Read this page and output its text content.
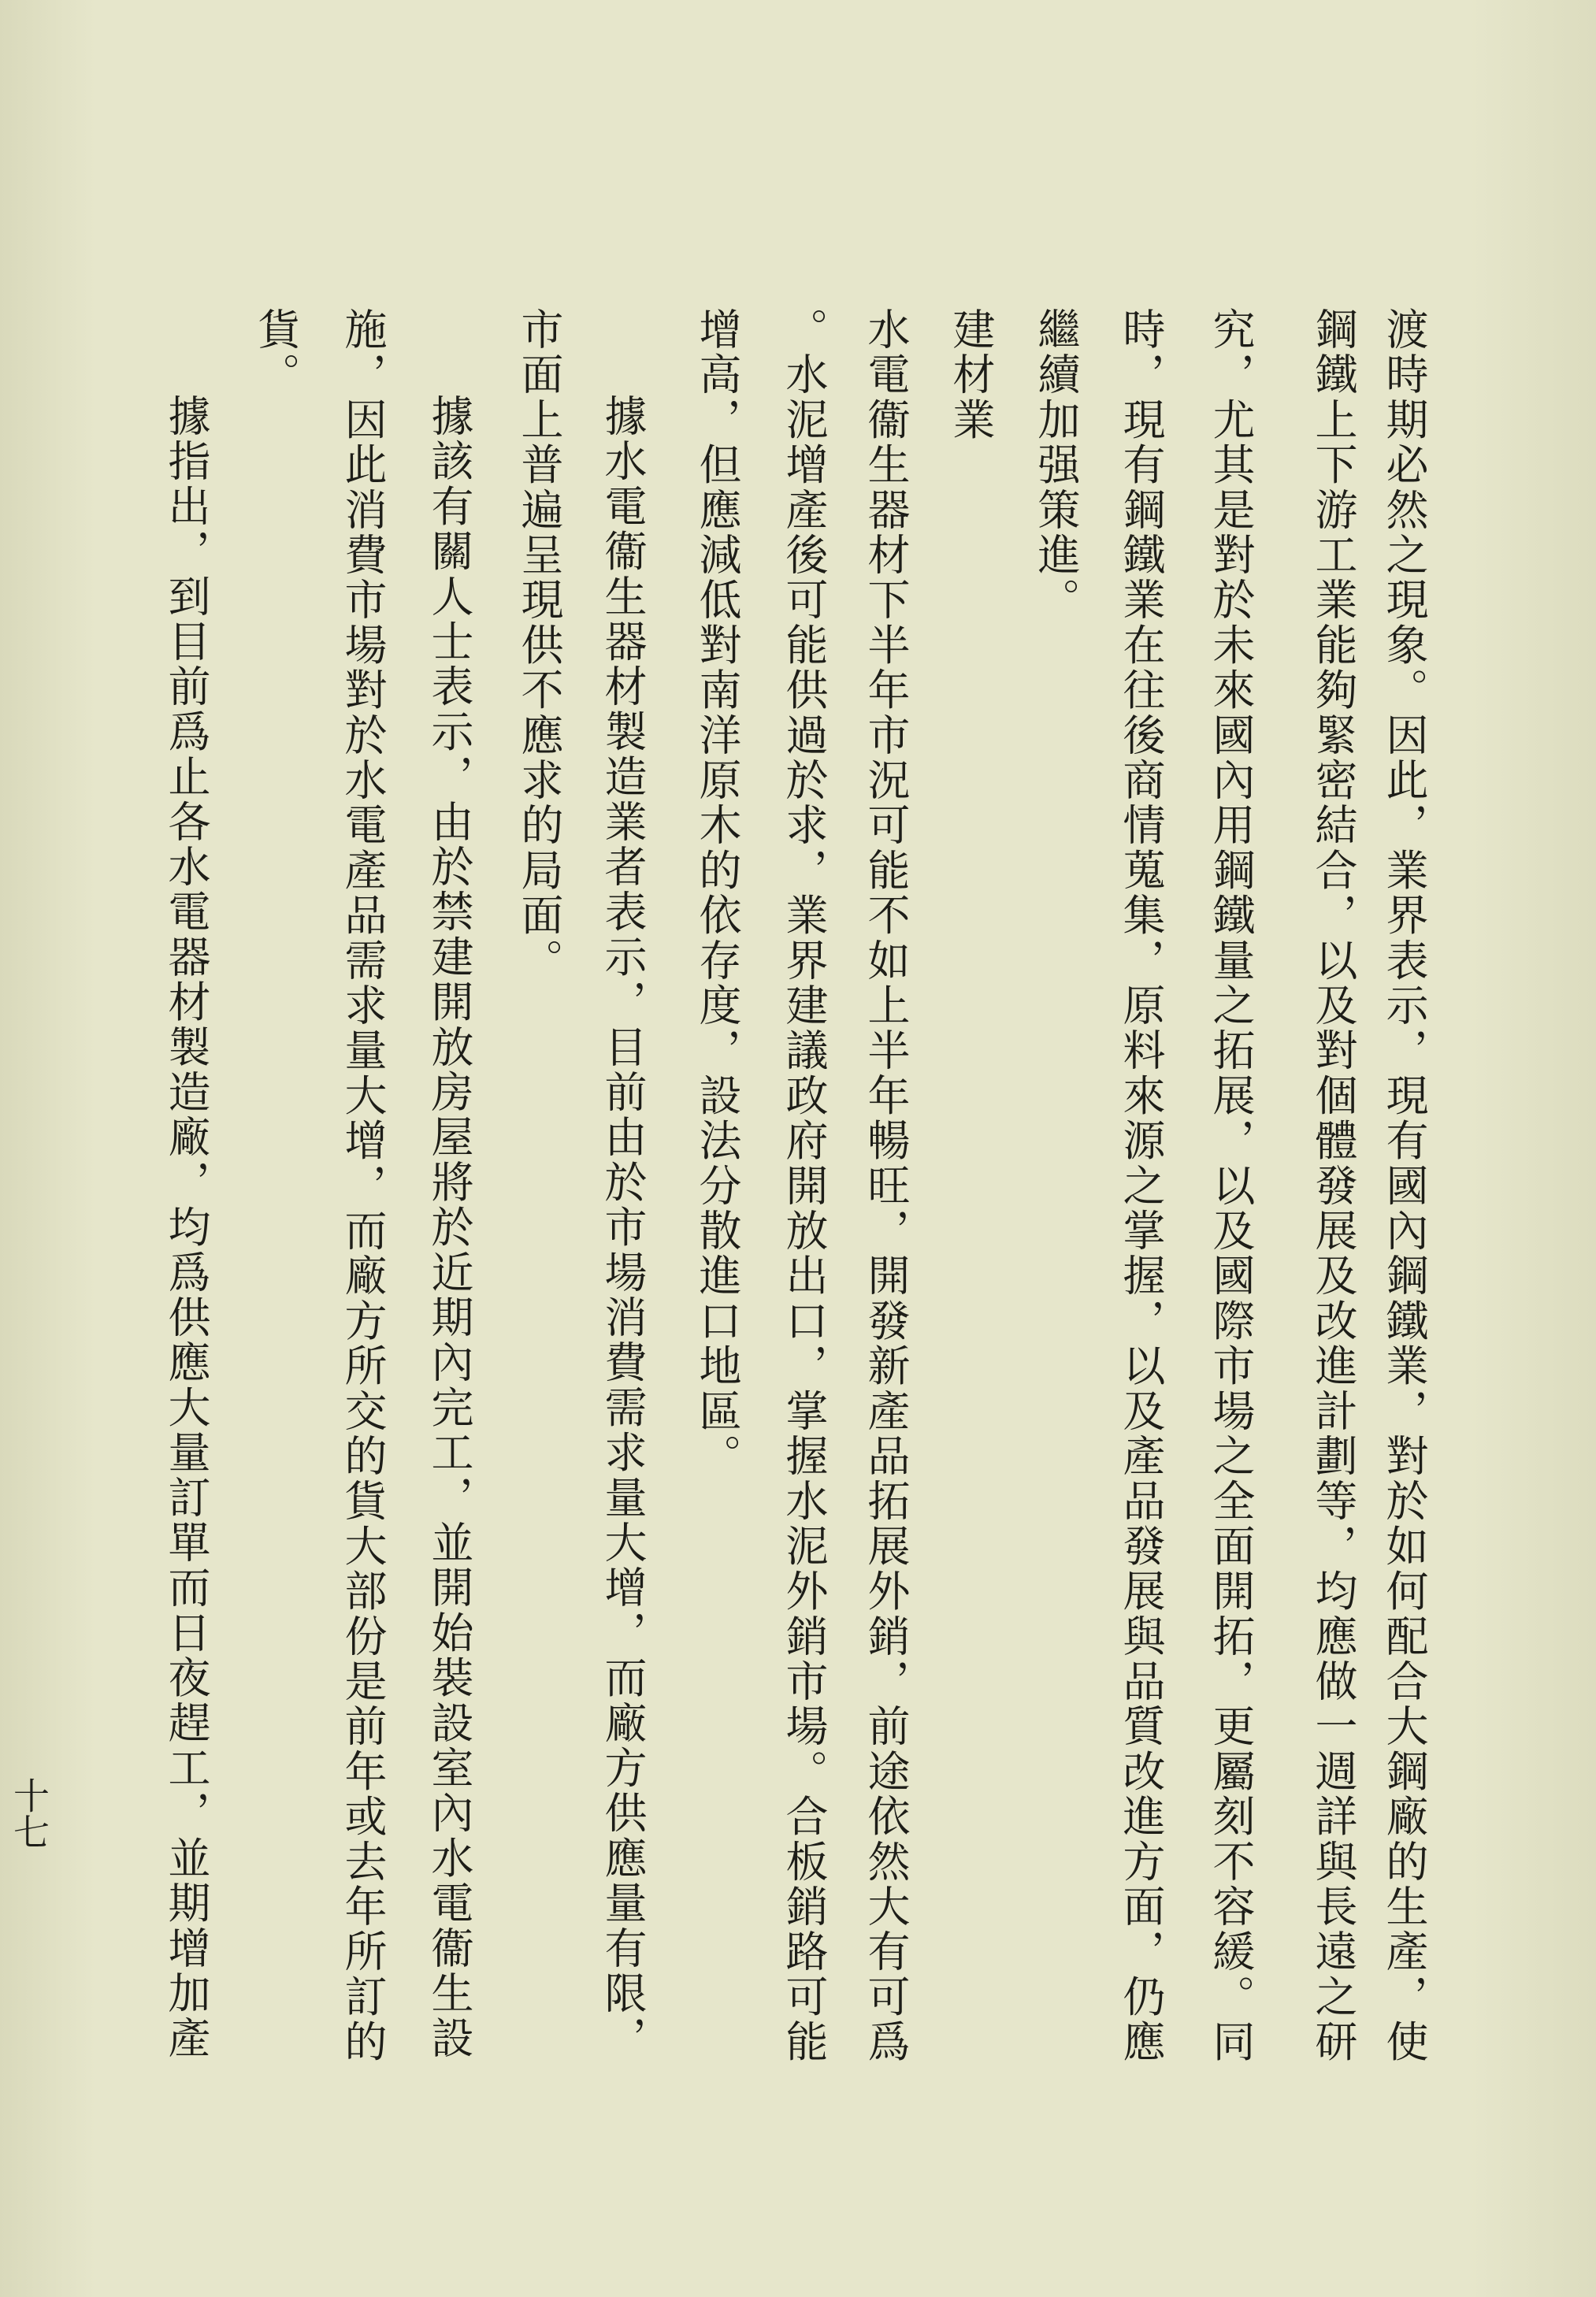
渡時期必然之現象。因此，業界表示，現有國內鋼鐵業，對於如何配合大鋼廠的生產，使
鋼鐵上下游工業能夠緊密結合，以及對個體發展及改進計劃等，均應做一週詳與長遠之研
究，尤其是對於未來國內用鋼鐵量之拓展，以及國際市場之全面開拓，更屬刻不容緩。同
時，現有鋼鐵業在往後商情蒐集，原料來源之掌握，以及產品發展與品質改進方面，仍應
繼續加强策進。
建材業
水電衞生器材下半年市況可能不如上半年暢旺，開發新產品拓展外銷，前途依然大有可爲
。水泥增產後可能供過於求，業界建議政府開放出口，掌握水泥外銷市場。合板銷路可能
增高，但應減低對南洋原木的依存度，設法分散進口地區。
據水電衞生器材製造業者表示，目前由於市場消費需求量大增，而廠方供應量有限，
市面上普遍呈現供不應求的局面。
據該有關人士表示，由於禁建開放房屋將於近期內完工，並開始裝設室內水電衞生設
施，因此消費市場對於水電產品需求量大增，而廠方所交的貨大部份是前年或去年所訂的
貨。
據指出，到目前爲止各水電器材製造廠，均爲供應大量訂單而日夜趕工，並期增加產
十七
